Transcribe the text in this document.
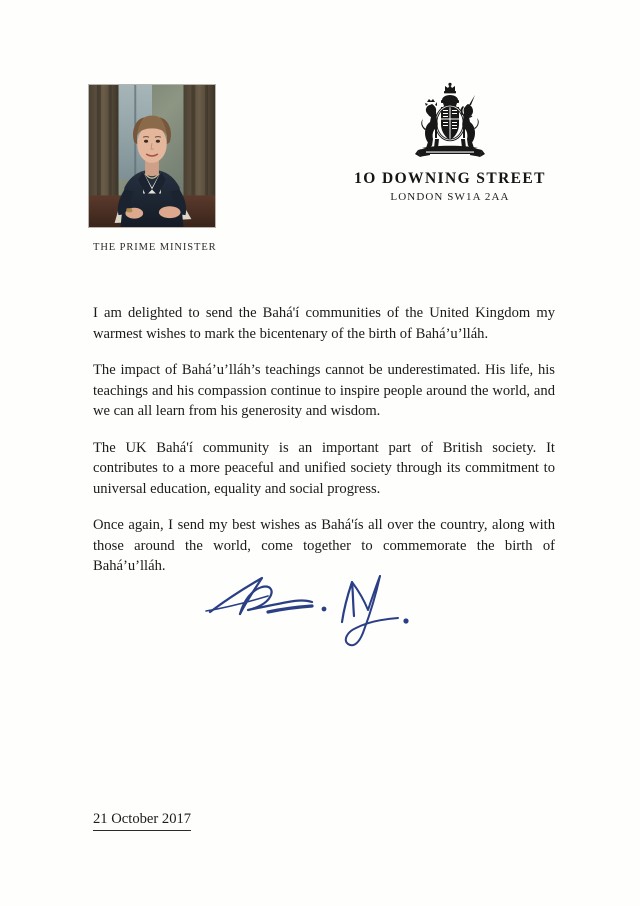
THE PRIME MINISTER
1O DOWNING STREET
LONDON SW1A 2AA

I am delighted to send the Bahá'í communities of the United Kingdom my warmest wishes to mark the bicentenary of the birth of Bahá’u’lláh.

The impact of Bahá’u’lláh’s teachings cannot be underestimated. His life, his teachings and his compassion continue to inspire people around the world, and we can all learn from his generosity and wisdom.

The UK Bahá'í community is an important part of British society. It contributes to a more peaceful and unified society through its commitment to universal education, equality and social progress.

Once again, I send my best wishes as Bahá'ís all over the country, along with those around the world, come together to commemorate the birth of Bahá’u’lláh.

21 October 2017
